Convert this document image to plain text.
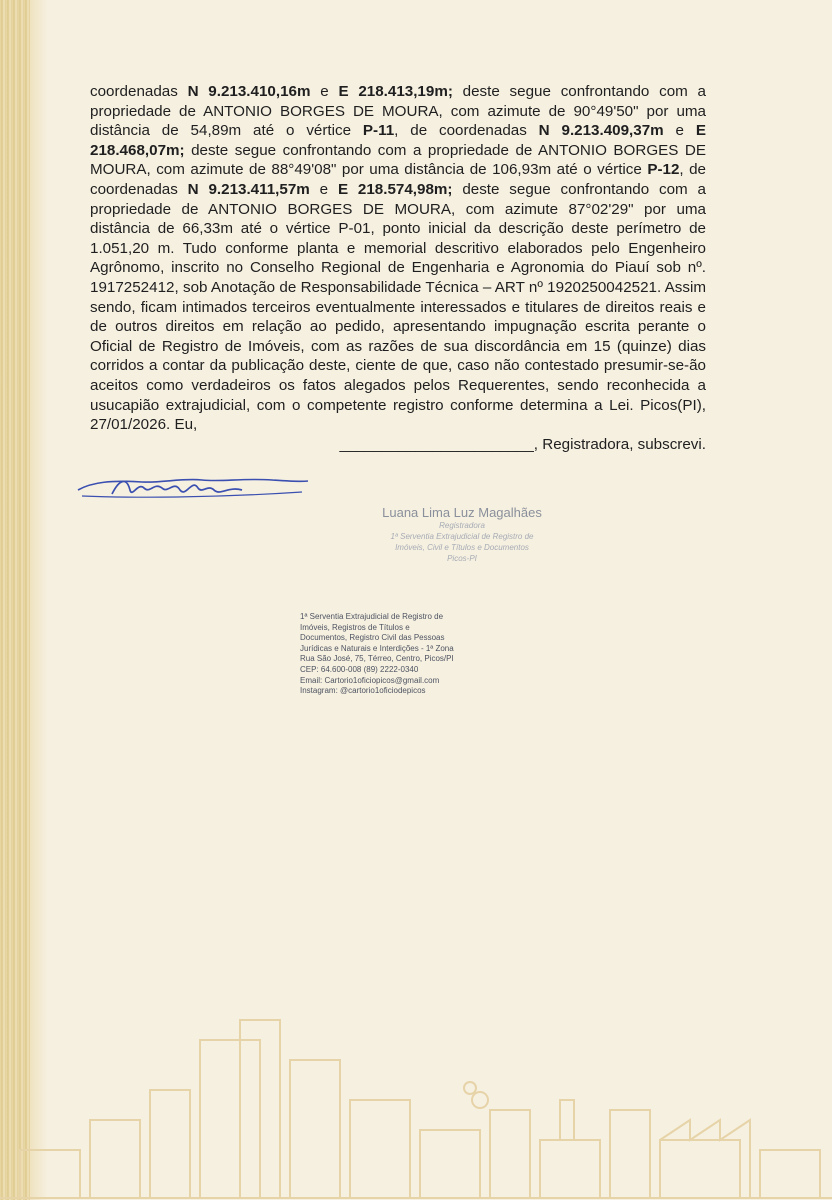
coordenadas N 9.213.410,16m e E 218.413,19m; deste segue confrontando com a propriedade de ANTONIO BORGES DE MOURA, com azimute de 90°49'50" por uma distância de 54,89m até o vértice P-11, de coordenadas N 9.213.409,37m e E 218.468,07m; deste segue confrontando com a propriedade de ANTONIO BORGES DE MOURA, com azimute de 88°49'08" por uma distância de 106,93m até o vértice P-12, de coordenadas N 9.213.411,57m e E 218.574,98m; deste segue confrontando com a propriedade de ANTONIO BORGES DE MOURA, com azimute 87°02'29" por uma distância de 66,33m até o vértice P-01, ponto inicial da descrição deste perímetro de 1.051,20 m. Tudo conforme planta e memorial descritivo elaborados pelo Engenheiro Agrônomo, inscrito no Conselho Regional de Engenharia e Agronomia do Piauí sob nº. 1917252412, sob Anotação de Responsabilidade Técnica – ART nº 1920250042521. Assim sendo, ficam intimados terceiros eventualmente interessados e titulares de direitos reais e de outros direitos em relação ao pedido, apresentando impugnação escrita perante o Oficial de Registro de Imóveis, com as razões de sua discordância em 15 (quinze) dias corridos a contar da publicação deste, ciente de que, caso não contestado presumir-se-ão aceitos como verdadeiros os fatos alegados pelos Requerentes, sendo reconhecida a usucapião extrajudicial, com o competente registro conforme determina a Lei. Picos(PI), 27/01/2026. Eu,

_______________________, Registradora, subscrevi.

Luana Lima Luz Magalhães
Registradora
1ª Serventia Extrajudicial de Registro de
Imóveis, Civil e Títulos e Documentos
Picos-PI
1ª Serventia Extrajudicial de Registro de
Imóveis, Registros de Títulos e
Documentos, Registro Civil das Pessoas
Jurídicas e Naturais e Interdições - 1ª Zona
Rua São José, 75, Térreo, Centro, Picos/PI
CEP: 64.600-008 (89) 2222-0340
Email: Cartorio1oficiopicos@gmail.com
Instagram: @cartorio1oficiodepicos
